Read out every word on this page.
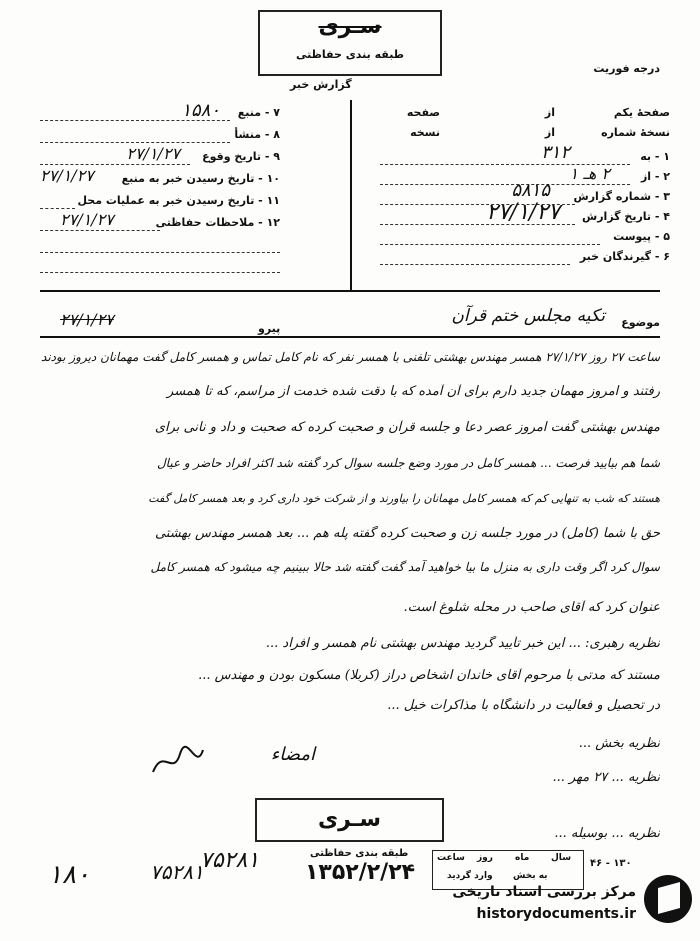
سـری
طبقه بندی حفاظتی
درجه فوریت
گزارش خبر
۷ - منبع
۱۵۸۰
۸ - منشأ
۹ - تاریخ وقوع
۲۷/۱/۲۷
۱۰ - تاریخ رسیدن خبر به منبع
۲۷/۱/۲۷
۱۱ - تاریخ رسیدن خبر به عملیات محل
۱۲ - ملاحظات حفاظتی
۲۷/۱/۲۷
صفحهٔ یکم
از
صفحه
نسخهٔ شماره
از
نسخه
۱ - به
۳۱۲
۲ - از
۲ هـ ۱
۳ - شماره گزارش
۵۸۱۵
۴ - تاریخ گزارش
۲۷/۱/۲۷
۵ - پیوست
۶ - گیرندگان خبر
موضوع
تکیه مجلس ختم قرآن
پیرو
۲۷/۱/۲۷
ساعت ۲۷ روز ۲۷/۱/۲۷ همسر مهندس بهشتی تلفنی با همسر نفر که نام کامل تماس و همسر کامل گفت مهمانان دیروز بودند
رفتند و امروز مهمان جدید دارم برای آن آمده که با دقت شده خدمت از مراسم، که تا همسر
مهندس بهشتی گفت امروز عصر دعا و جلسه قرآن و صحبت کرده که صحبت و داد و نانی برای
شما هم بیایید فرصت ... همسر کامل در مورد وضع جلسه سوال کرد گفته شد اکثر افراد حاضر و عیال
هستند که شب به تنهایی کم که همسر کامل مهمانان را بیاورند و از شرکت خود داری کرد و بعد همسر کامل گفت
حق با شما (کامل) در مورد جلسه زن و صحبت کرده گفته پله هم ... بعد همسر مهندس بهشتی
سوال کرد اگر وقت داری به منزل ما بیا خواهید آمد گفت گفته شد حالا ببینیم چه میشود که همسر کامل
عنوان کرد که آقای صاحب در محله شلوغ است.
نظریه رهبری: ... این خبر تأیید گردید مهندس بهشتی نام همسر و افراد ...
مستند که مدتی با مرحوم آقای خاندان اشخاص دراز (کربلا) مسکون بودن و مهندس ...
در تحصیل و فعالیت در دانشگاه با مذاکرات خیل ...
امضاء
سـری
نظریه بخش ...
نظریه ... ۲۷ مهر ...
نظریه ... بوسیله ...
۱۸۰	۷۵۲۸۱
۷۵۲۸۱	طبقه بندی حفاظتی
۱۳۵۲/۲/۲۴
ساعت روز ماه سال
به بخش
وارد گردید
۴۶ - ۱۳۰
مرکز بررسی اسناد تاریخی
historydocuments.ir
